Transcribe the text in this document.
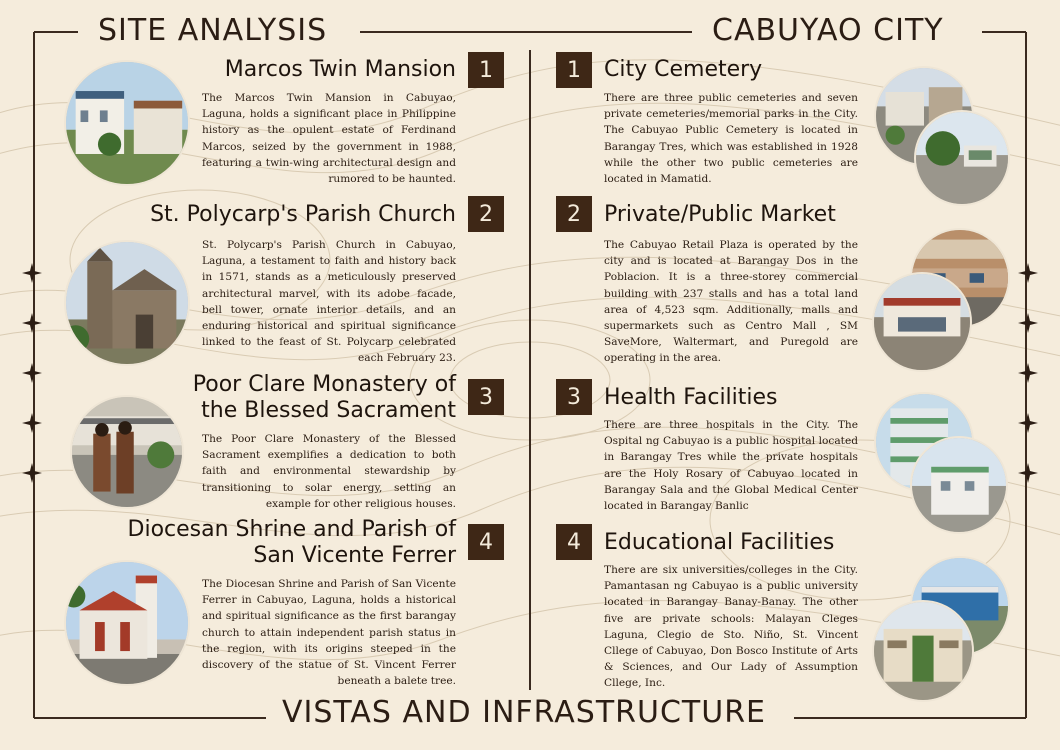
SITE ANALYSIS	CABUYAO CITY
VISTAS AND INFRASTRUCTURE
Marcos Twin Mansion	1
The Marcos Twin Mansion in Cabuyao, Laguna, holds a significant place in Philippine history as the opulent estate of Ferdinand Marcos, seized by the government in 1988, featuring a twin-wing architectural design and rumored to be haunted.
St. Polycarp's Parish Church	2
St. Polycarp's Parish Church in Cabuyao, Laguna, a testament to faith and history back in 1571, stands as a meticulously preserved architectural marvel, with its adobe facade, bell tower, ornate interior details, and an enduring historical and spiritual significance linked to the feast of St. Polycarp celebrated each February 23.
Poor Clare Monastery of
the Blessed Sacrament
3
The Poor Clare Monastery of the Blessed Sacrament exemplifies a dedication to both faith and environmental stewardship by transitioning to solar energy, setting an example for other religious houses.
Diocesan Shrine and Parish of
San Vicente Ferrer
4
The Diocesan Shrine and Parish of San Vicente Ferrer in Cabuyao, Laguna, holds a historical and spiritual significance as the first barangay church to attain independent parish status in the region, with its origins steeped in the discovery of the statue of St. Vincent Ferrer beneath a balete tree.
1	City Cemetery
There are three public cemeteries and seven private cemeteries/memorial parks in the City. The Cabuyao Public Cemetery is located in Barangay Tres, which was established in 1928 while the other two public cemeteries are located in Mamatid.
2	Private/Public Market
The Cabuyao Retail Plaza is operated by the city and is located at Barangay Dos in the Poblacion. It is a three-storey commercial building with 237 stalls and has a total land area of 4,523 sqm. Additionally, malls and supermarkets such as Centro Mall , SM SaveMore, Waltermart, and Puregold are operating in the area.
3	Health Facilities
There are three hospitals in the City. The Ospital ng Cabuyao is a public hospital located in Barangay Tres while the private hospitals are the Holy Rosary of Cabuyao located in Barangay Sala and the Global Medical Center located in Barangay Banlic
4	Educational Facilities
There are six universities/colleges in the City. Pamantasan ng Cabuyao is a public university located in Barangay Banay-Banay. The other five are private schools: Malayan Cleges Laguna, Clegio de Sto. Niño, St. Vincent Cllege of Cabuyao, Don Bosco Institute of Arts & Sciences, and Our Lady of Assumption Cllege, Inc.
